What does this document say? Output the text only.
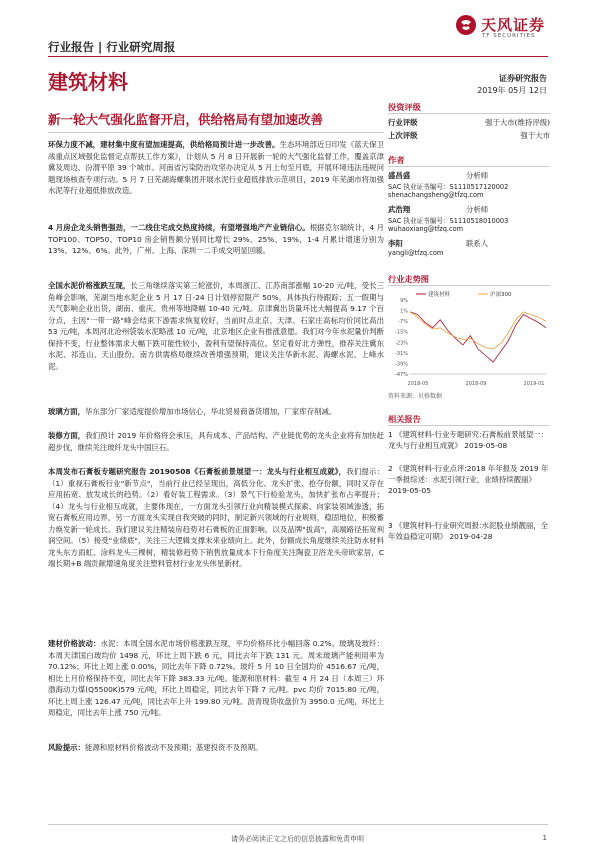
天风证券
TF SECURITIES
行业报告 | 行业研究周报
建筑材料	证券研究报告
2019年 05月 12日
新一轮大气强化监督开启，供给格局有望加速改善
环保力度不减，建材集中度有望加速提高，供给格局预计进一步改善。生态环境部近日印发《蓝天保卫战重点区域强化监督定点帮扶工作方案》，计划从 5 月 8 日开展新一轮的大气强化监督工作，覆盖京津冀及周边、汾渭平原 39 个城市。河南省污染防治攻坚办决定从 5 月上旬至月底，开展环境违法违规问题现场核查专项行动。5 月 7 日芜湖海螺集团开展水泥行业超低排放示范项目，2019 年芜湖市将加强水泥等行业超低排放改造。
4 月房企龙头销售强劲，一二线住宅成交热度持续，有望增强地产产业链信心。根据克尔瑞统计，4 月 TOP100、TOP50、TOP10 房企销售额分别同比增长 29%、25%、19%，1-4 月累计增速分别为 13%、12%、6%。此外，广州、上海、深圳一二手成交明显回暖。
全国水泥价格涨跌互现，长三角继续落实第三轮涨价，本周浙江、江苏南部涨幅 10-20 元/吨，受长三角峰会影响，芜湖当地水泥企业 5 月 17 日-24 日计划停窑限产 50%，具体执行待跟踪；五一假期与天气影响企业出货，湖南、重庆、贵州等地降幅 10-40 元/吨。京津冀出货量环比大幅提高 9.17 个百分点，主因"一带一路"峰会结束下游需求恢复较好，当前时点北京、天津、石家庄高标均价同比高出 53 元/吨，本周河北沧州袋装水泥略涨 10 元/吨，北京地区企业有推涨意愿。我们对今年水泥量价判断保持不变，行业整体需求大幅下跌可能性较小，盈利有望保持高位。坚定看好北方弹性，推荐关注冀东水泥、祁连山、天山股份。南方供需格局继续改善增强预期，建议关注华新水泥、海螺水泥、上峰水泥。
玻璃方面，华东部分厂家适度提价增加市场信心，华北贸易商备货增加，厂家库存削减。
装修方面，我们预计 2019 年价格将会承压，具有成本、产品结构、产业链优势的龙头企业将有加快赶超步伐，继续关注玻纤龙头中国巨石。
本周发布石膏板专题研究报告 20190508《石膏板前景展望一：龙头与行业相互成就》，我们提示：（1）重视石膏板行业"新节点"，当前行业已经呈现出，高低分化、龙头扩张、抢夺份额，同时又存在应用拓宽、放发成长的趋势。（2）看好装工程需求。（3）景气下行检验龙头，加快扩张布占率提升；（4）龙头与行业相互成就，主要体现在，一方面龙头引领行业向精装模式探索、向家装领域渗透，拓宽石膏板应用边界，另一方面龙头实现自我突破的同时，制定新兴领域的行业规则，稳固地位，积极蓄力焕发新一轮成长。我们建议关注精装房趋势对石膏板的正面影响，以及品牌"拔高"，高端路径拓宽利润空间。（5）接受"业绩底"，关注三大逻辑支撑未来业绩向上。此外，份额成长角度继续关注防水材料龙头东方雨虹、涂料龙头三棵树，精装修趋势下销售放量成本下行角度关注陶瓷卫浴龙头帝欧家居，C 端长期+B 端贡献增速角度关注塑料管材行业龙头伟星新材。
建材价格波动：水泥：本周全国水泥市场价格涨跌互现，平均价格环比小幅回落 0.2%。玻璃及玻纤：本周天津国白玻均价 1498 元，环比上周下跌 6 元，同比去年下跌 131 元。周末玻璃产能利用率为 70.12%；环比上周上涨 0.00%，同比去年下降 0.72%。玻纤 5 月 10 日全国均价 4516.67 元/吨，相比上月价格保持不变，同比去年下降 383.33 元/吨。能源和原材料：截至 4 月 24 日（本周三）环渤海动力煤(Q5500K)579 元/吨，环比上周稳定，同比去年下降 7 元/吨。pvc 均价 7015.80 元/吨，环比上周上涨 126.47 元/吨，同比去年上升 199.80 元/吨。沥青现货收盘价为 3950.0 元/吨，环比上周稳定，同比去年上涨 750 元/吨。
风险提示：能源和原材料价格波动不及预期；基建投资不及预期。
投资评级
行业评级	强于大市(维持评级)
上次评级	强于大市
作者
盛昌盛	分析师
SAC 执业证书编号：S1110517120002
shenachangsheng@tfzq.com
武浩翔	分析师
SAC 执业证书编号：S1110518010003
wuhaoxiang@tfzq.com
李阳	联系人
yangli@tfzq.com
行业走势图
9%
1%
-7%
-15%
-23%
-31%
-39%
-47%
2018-05	2018-09	2019-01
建筑材料	沪深300
资料来源：贝格数据
相关报告
1 《建筑材料-行业专题研究:石膏板前景展望一：龙头与行业相互成就》 2019-05-08
2 《建筑材料-行业点评:2018 年年报及 2019 年一季报综述：水泥引领行业，业绩持续靓丽》 2019-05-05
3 《建筑材料-行业研究周报:水泥股业绩靓丽，全年效益稳定可期》 2019-04-28
请务必阅读正文之后的信息披露和免责申明	1
